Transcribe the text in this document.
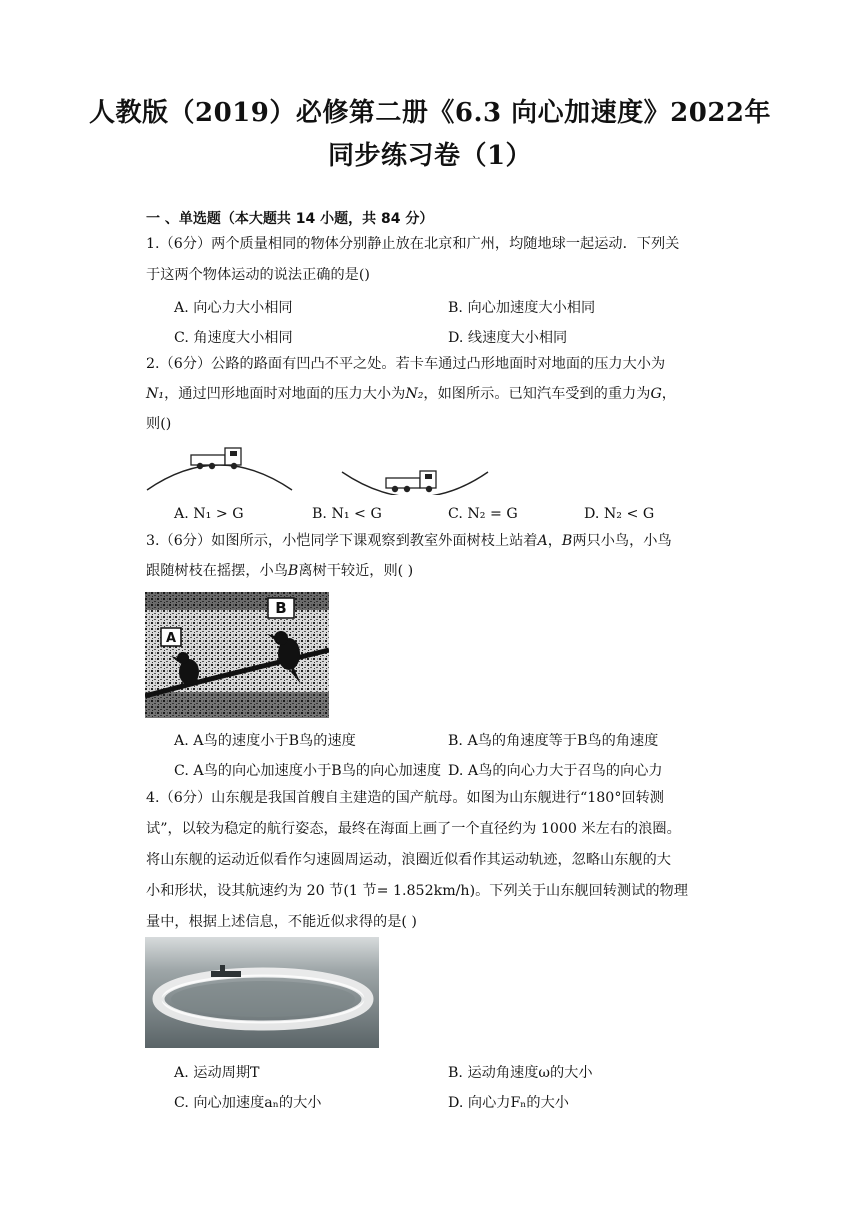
人教版（2019）必修第二册《6.3 向心加速度》2022年
同步练习卷（1）
一 、单选题（本大题共 14 小题，共 84 分）
1.（6分）两个质量相同的物体分别静止放在北京和广州，均随地球一起运动．下列关
于这两个物体运动的说法正确的是()
A. 向心力大小相同	B. 向心加速度大小相同
C. 角速度大小相同	D. 线速度大小相同
2.（6分）公路的路面有凹凸不平之处。若卡车通过凸形地面时对地面的压力大小为
N₁，通过凹形地面时对地面的压力大小为N₂，如图所示。已知汽车受到的重力为G，
则()
A. N₁ > G	B. N₁ < G	C. N₂ = G	D. N₂ < G
3.（6分）如图所示，小恺同学下课观察到教室外面树枝上站着A，B两只小鸟，小鸟
跟随树枝在摇摆，小鸟B离树干较近，则( )
B
A
A. A鸟的速度小于B鸟的速度	B. A鸟的角速度等于B鸟的角速度
C. A鸟的向心加速度小于B鸟的向心加速度 D. A鸟的向心力大于召鸟的向心力
4.（6分）山东舰是我国首艘自主建造的国产航母。如图为山东舰进行“180°回转测
试”，以较为稳定的航行姿态，最终在海面上画了一个直径约为 1000 米左右的浪圈。
将山东舰的运动近似看作匀速圆周运动，浪圈近似看作其运动轨迹，忽略山东舰的大
小和形状，设其航速约为 20 节(1 节= 1.852km/h)。下列关于山东舰回转测试的物理
量中，根据上述信息，不能近似求得的是( )
A. 运动周期T	B. 运动角速度ω的大小
C. 向心加速度aₙ的大小	D. 向心力Fₙ的大小
